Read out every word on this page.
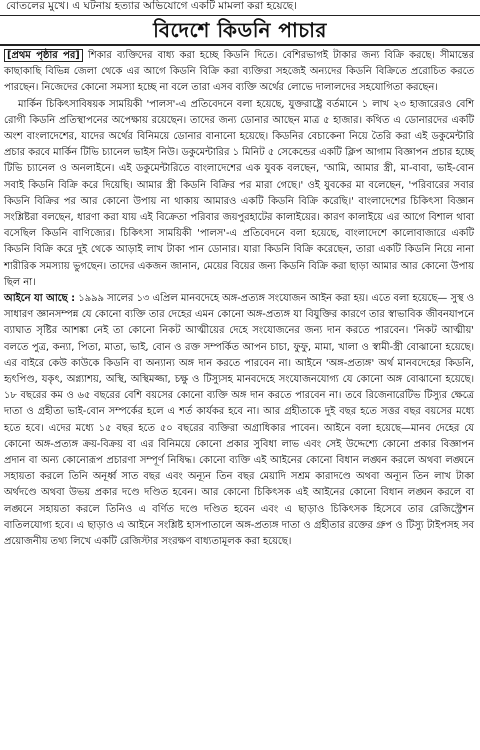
বোতলের মুখে। এ ঘটনায় হত্যার অভিযোগে একটি মামলা করা হয়েছে।
বিদেশে কিডনি পাচার

[প্রথম পৃষ্ঠার পর] শিকার ব্যক্তিদের বাধ্য করা হচ্ছে কিডনি দিতে। বেশিরভাগই টাকার জন্য বিক্রি করছে। সীমান্তের কাছাকাছি বিভিন্ন জেলা থেকে এর আগে কিডনি বিক্রি করা ব্যক্তিরা সহজেই অন্যদের কিডনি বিক্রিতে প্ররোচিত করতে পারছেন। নিজেদের কোনো সমস্যা হচ্ছে না বলে তারা এসব ব্যক্তি অর্থের লোভে দালালদের সহযোগিতা করছেন।

মার্কিন চিকিৎসাবিষয়ক সাময়িকী 'পালস'-এ প্রতিবেদনে বলা হয়েছে, যুক্তরাষ্ট্রে বর্তমানে ১ লাখ ২৩ হাজারেরও বেশি রোগী কিডনি প্রতিস্থাপনের অপেক্ষায় রয়েছেন। তাদের জন্য ডোনার আছেন মাত্র ৫ হাজার। কথিত এ ডোনারদের একটি অংশ বাংলাদেশের, যাদের অর্থের বিনিময়ে ডোনার বানানো হয়েছে। কিডনির বেচাকেনা নিয়ে তৈরি করা এই ডকুমেন্টারি প্রচার করবে মার্কিন টিভি চ্যানেল ভাইস নিউ। ডকুমেন্টারির ১ মিনিট ৫ সেকেন্ডের একটি ক্লিপ আগাম বিজ্ঞাপন প্রচার হচ্ছে টিভি চ্যানেল ও অনলাইনে। এই ডকুমেন্টারিতে বাংলাদেশের এক যুবক বলছেন, 'আমি, আমার স্ত্রী, মা-বাবা, ভাই-বোন সবাই কিডনি বিক্রি করে দিয়েছি। আমার স্ত্রী কিডনি বিক্রির পর মারা গেছে।' ওই যুবকের মা বলেছেন, 'পরিবারের সবার কিডনি বিক্রির পর আর কোনো উপায় না থাকায় আমারও একটি কিডনি বিক্রি করেছি।' বাংলাদেশের চিকিৎসা বিজ্ঞান সংশ্লিষ্টরা বলছেন, ধারণা করা যায় এই বিক্রেতা পরিবার জয়পুরহাটের কালাইয়ের। কারণ কালাইয়ে এর আগে বিশাল থাবা বসেছিল কিডনি বাণিজ্যের। চিকিৎসা সাময়িকী 'পালস'-এ প্রতিবেদনে বলা হয়েছে, বাংলাদেশে কালোবাজারে একটি কিডনি বিক্রি করে দুই থেকে আড়াই লাখ টাকা পান ডোনার। যারা কিডনি বিক্রি করেছেন, তারা একটি কিডনি নিয়ে নানা শারীরিক সমস্যায় ভুগছেন। তাদের একজন জানান, মেয়ের বিয়ের জন্য কিডনি বিক্রি করা ছাড়া আমার আর কোনো উপায় ছিল না।

আইনে যা আছে : ১৯৯৯ সালের ১৩ এপ্রিল মানবদেহে অঙ্গ-প্রত্যঙ্গ সংযোজন আইন করা হয়। এতে বলা হয়েছে— সুস্থ ও সাধারণ জ্ঞানসম্পন্ন যে কোনো ব্যক্তি তার দেহের এমন কোনো অঙ্গ-প্রত্যঙ্গ যা বিযুক্তির কারণে তার স্বাভাবিক জীবনযাপনে ব্যাঘাত সৃষ্টির আশঙ্কা নেই তা কোনো নিকট আত্মীয়ের দেহে সংযোজনের জন্য দান করতে পারবেন। 'নিকট আত্মীয়' বলতে পুত্র, কন্যা, পিতা, মাতা, ভাই, বোন ও রক্ত সম্পর্কিত আপন চাচা, ফুফু, মামা, খালা ও স্বামী-স্ত্রী বোঝানো হয়েছে। এর বাইরে কেউ কাউকে কিডনি বা অন্যান্য অঙ্গ দান করতে পারবেন না। আইনে 'অঙ্গ-প্রত্যঙ্গ' অর্থ মানবদেহের কিডনি, হৃৎপিণ্ড, যকৃৎ, অগ্ন্যাশয়, অস্থি, অস্থিমজ্জা, চক্ষু ও টিস্যুসহ মানবদেহে সংযোজনযোগ্য যে কোনো অঙ্গ বোঝানো হয়েছে। ১৮ বছরের কম ও ৬৫ বছরের বেশি বয়সের কোনো ব্যক্তি অঙ্গ দান করতে পারবেন না। তবে রিজেনারেটিভ টিস্যুর ক্ষেত্রে দাতা ও গ্রহীতা ভাই-বোন সম্পর্কের হলে এ শর্ত কার্যকর হবে না। আর গ্রহীতাকে দুই বছর হতে সত্তর বছর বয়সের মধ্যে হতে হবে। এদের মধ্যে ১৫ বছর হতে ৫০ বছরের ব্যক্তিরা অগ্রাধিকার পাবেন। আইনে বলা হয়েছে—মানব দেহের যে কোনো অঙ্গ-প্রত্যঙ্গ ক্রয়-বিক্রয় বা এর বিনিময়ে কোনো প্রকার সুবিধা লাভ এবং সেই উদ্দেশ্যে কোনো প্রকার বিজ্ঞাপন প্রদান বা অন্য কোনোরূপ প্রচারণা সম্পূর্ণ নিষিদ্ধ। কোনো ব্যক্তি এই আইনের কোনো বিধান লঙ্ঘন করলে অথবা লঙ্ঘনে সহায়তা করলে তিনি অনূর্ধ্ব সাত বছর এবং অন্যূন তিন বছর মেয়াদি সশ্রম কারাদণ্ডে অথবা অন্যূন তিন লাখ টাকা অর্থদণ্ডে অথবা উভয় প্রকার দণ্ডে দণ্ডিত হবেন। আর কোনো চিকিৎসক এই আইনের কোনো বিধান লঙ্ঘন করলে বা লঙ্ঘনে সহায়তা করলে তিনিও এ বর্ণিত দণ্ডে দণ্ডিত হবেন এবং এ ছাড়াও চিকিৎসক হিসেবে তার রেজিস্ট্রেশন বাতিলযোগ্য হবে। এ ছাড়াও এ আইনে সংশ্লিষ্ট হাসপাতালে অঙ্গ-প্রত্যঙ্গ দাতা ও গ্রহীতার রক্তের গ্রুপ ও টিস্যু টাইপসহ সব প্রয়োজনীয় তথ্য লিখে একটি রেজিস্টার সংরক্ষণ বাধ্যতামূলক করা হয়েছে।
